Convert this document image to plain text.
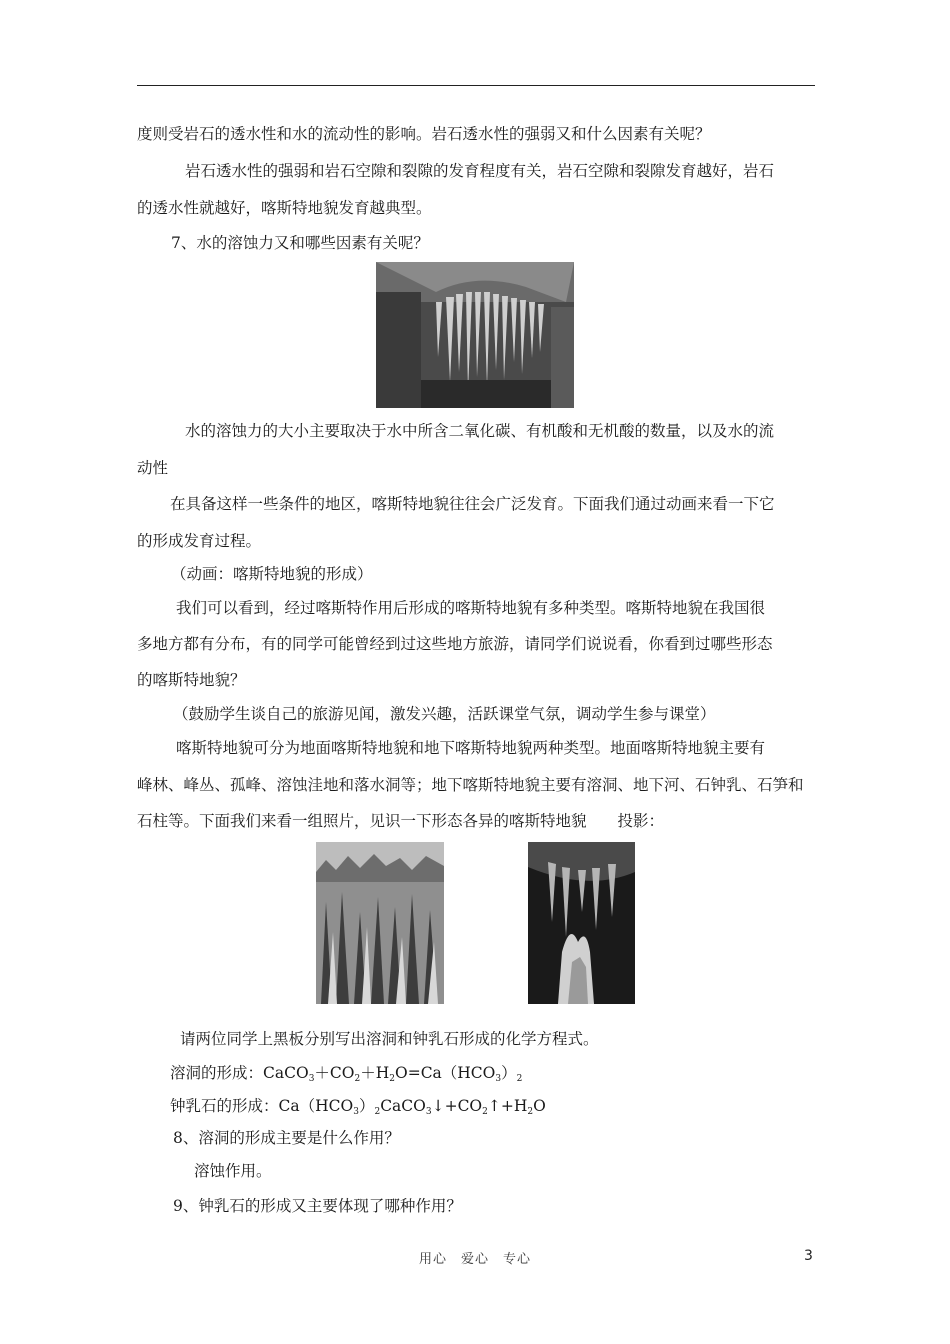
度则受岩石的透水性和水的流动性的影响。岩石透水性的强弱又和什么因素有关呢？
岩石透水性的强弱和岩石空隙和裂隙的发育程度有关，岩石空隙和裂隙发育越好，岩石
的透水性就越好，喀斯特地貌发育越典型。
7、水的溶蚀力又和哪些因素有关呢？
水的溶蚀力的大小主要取决于水中所含二氧化碳、有机酸和无机酸的数量，以及水的流
动性
在具备这样一些条件的地区，喀斯特地貌往往会广泛发育。下面我们通过动画来看一下它
的形成发育过程。
（动画：喀斯特地貌的形成）
我们可以看到，经过喀斯特作用后形成的喀斯特地貌有多种类型。喀斯特地貌在我国很
多地方都有分布，有的同学可能曾经到过这些地方旅游，请同学们说说看，你看到过哪些形态
的喀斯特地貌？
（鼓励学生谈自己的旅游见闻，激发兴趣，活跃课堂气氛，调动学生参与课堂）
喀斯特地貌可分为地面喀斯特地貌和地下喀斯特地貌两种类型。地面喀斯特地貌主要有
峰林、峰丛、孤峰、溶蚀洼地和落水洞等；地下喀斯特地貌主要有溶洞、地下河、石钟乳、石笋和
石柱等。下面我们来看一组照片，见识一下形态各异的喀斯特地貌　　投影：
请两位同学上黑板分别写出溶洞和钟乳石形成的化学方程式。
溶洞的形成：$CaCO_3+CO_2+H_2O=Ca(HCO_3)_2$
钟乳石的形成：$Ca(HCO_3)_2CaCO_3↓+CO_2↑+H_2O$
8、溶洞的形成主要是什么作用？
溶蚀作用。
9、钟乳石的形成又主要体现了哪种作用？
用心　爱心　专心	3
